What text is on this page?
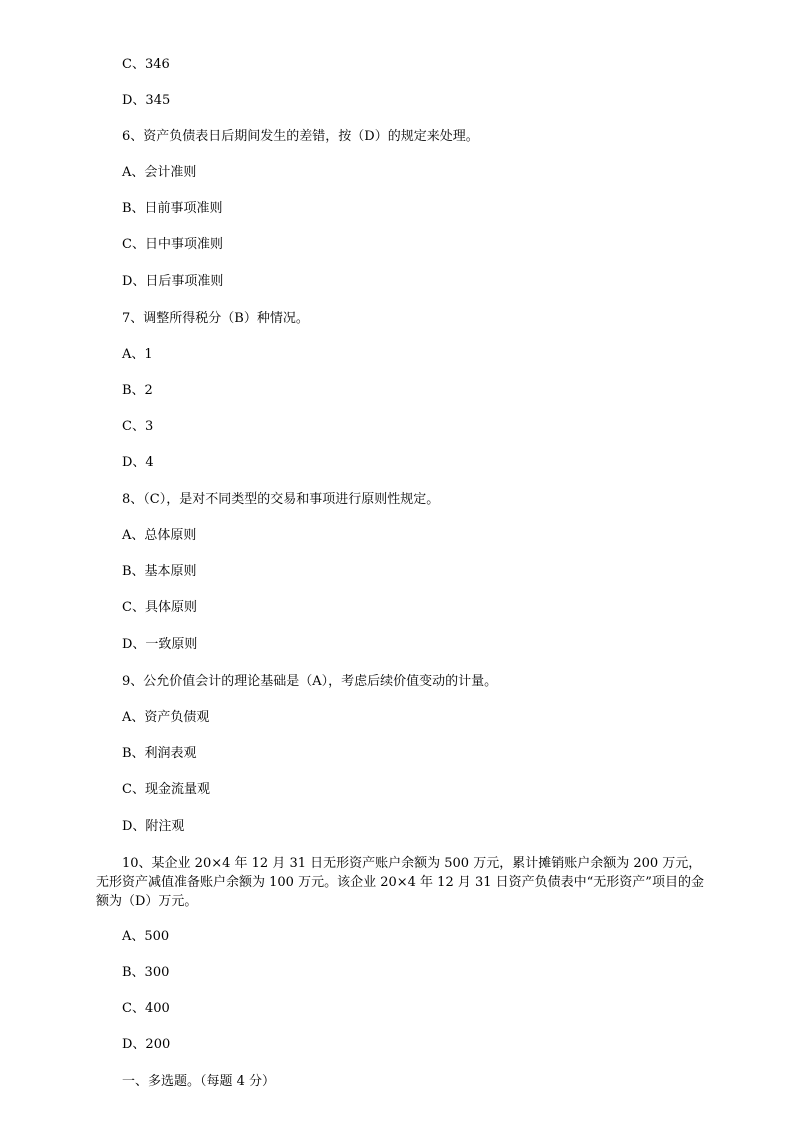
C、346
D、345
6、资产负债表日后期间发生的差错，按（D）的规定来处理。
A、会计准则
B、日前事项准则
C、日中事项准则
D、日后事项准则
7、调整所得税分（B）种情况。
A、1
B、2
C、3
D、4
8、（C），是对不同类型的交易和事项进行原则性规定。
A、总体原则
B、基本原则
C、具体原则
D、一致原则
9、公允价值会计的理论基础是（A），考虑后续价值变动的计量。
A、资产负债观
B、利润表观
C、现金流量观
D、附注观
10、某企业 20×4 年 12 月 31 日无形资产账户余额为 500 万元，累计摊销账户余额为 200 万元，无形资产减值准备账户余额为 100 万元。该企业 20×4 年 12 月 31 日资产负债表中“无形资产”项目的金额为（D）万元。
A、500
B、300
C、400
D、200
一、多选题。（每题 4 分）
